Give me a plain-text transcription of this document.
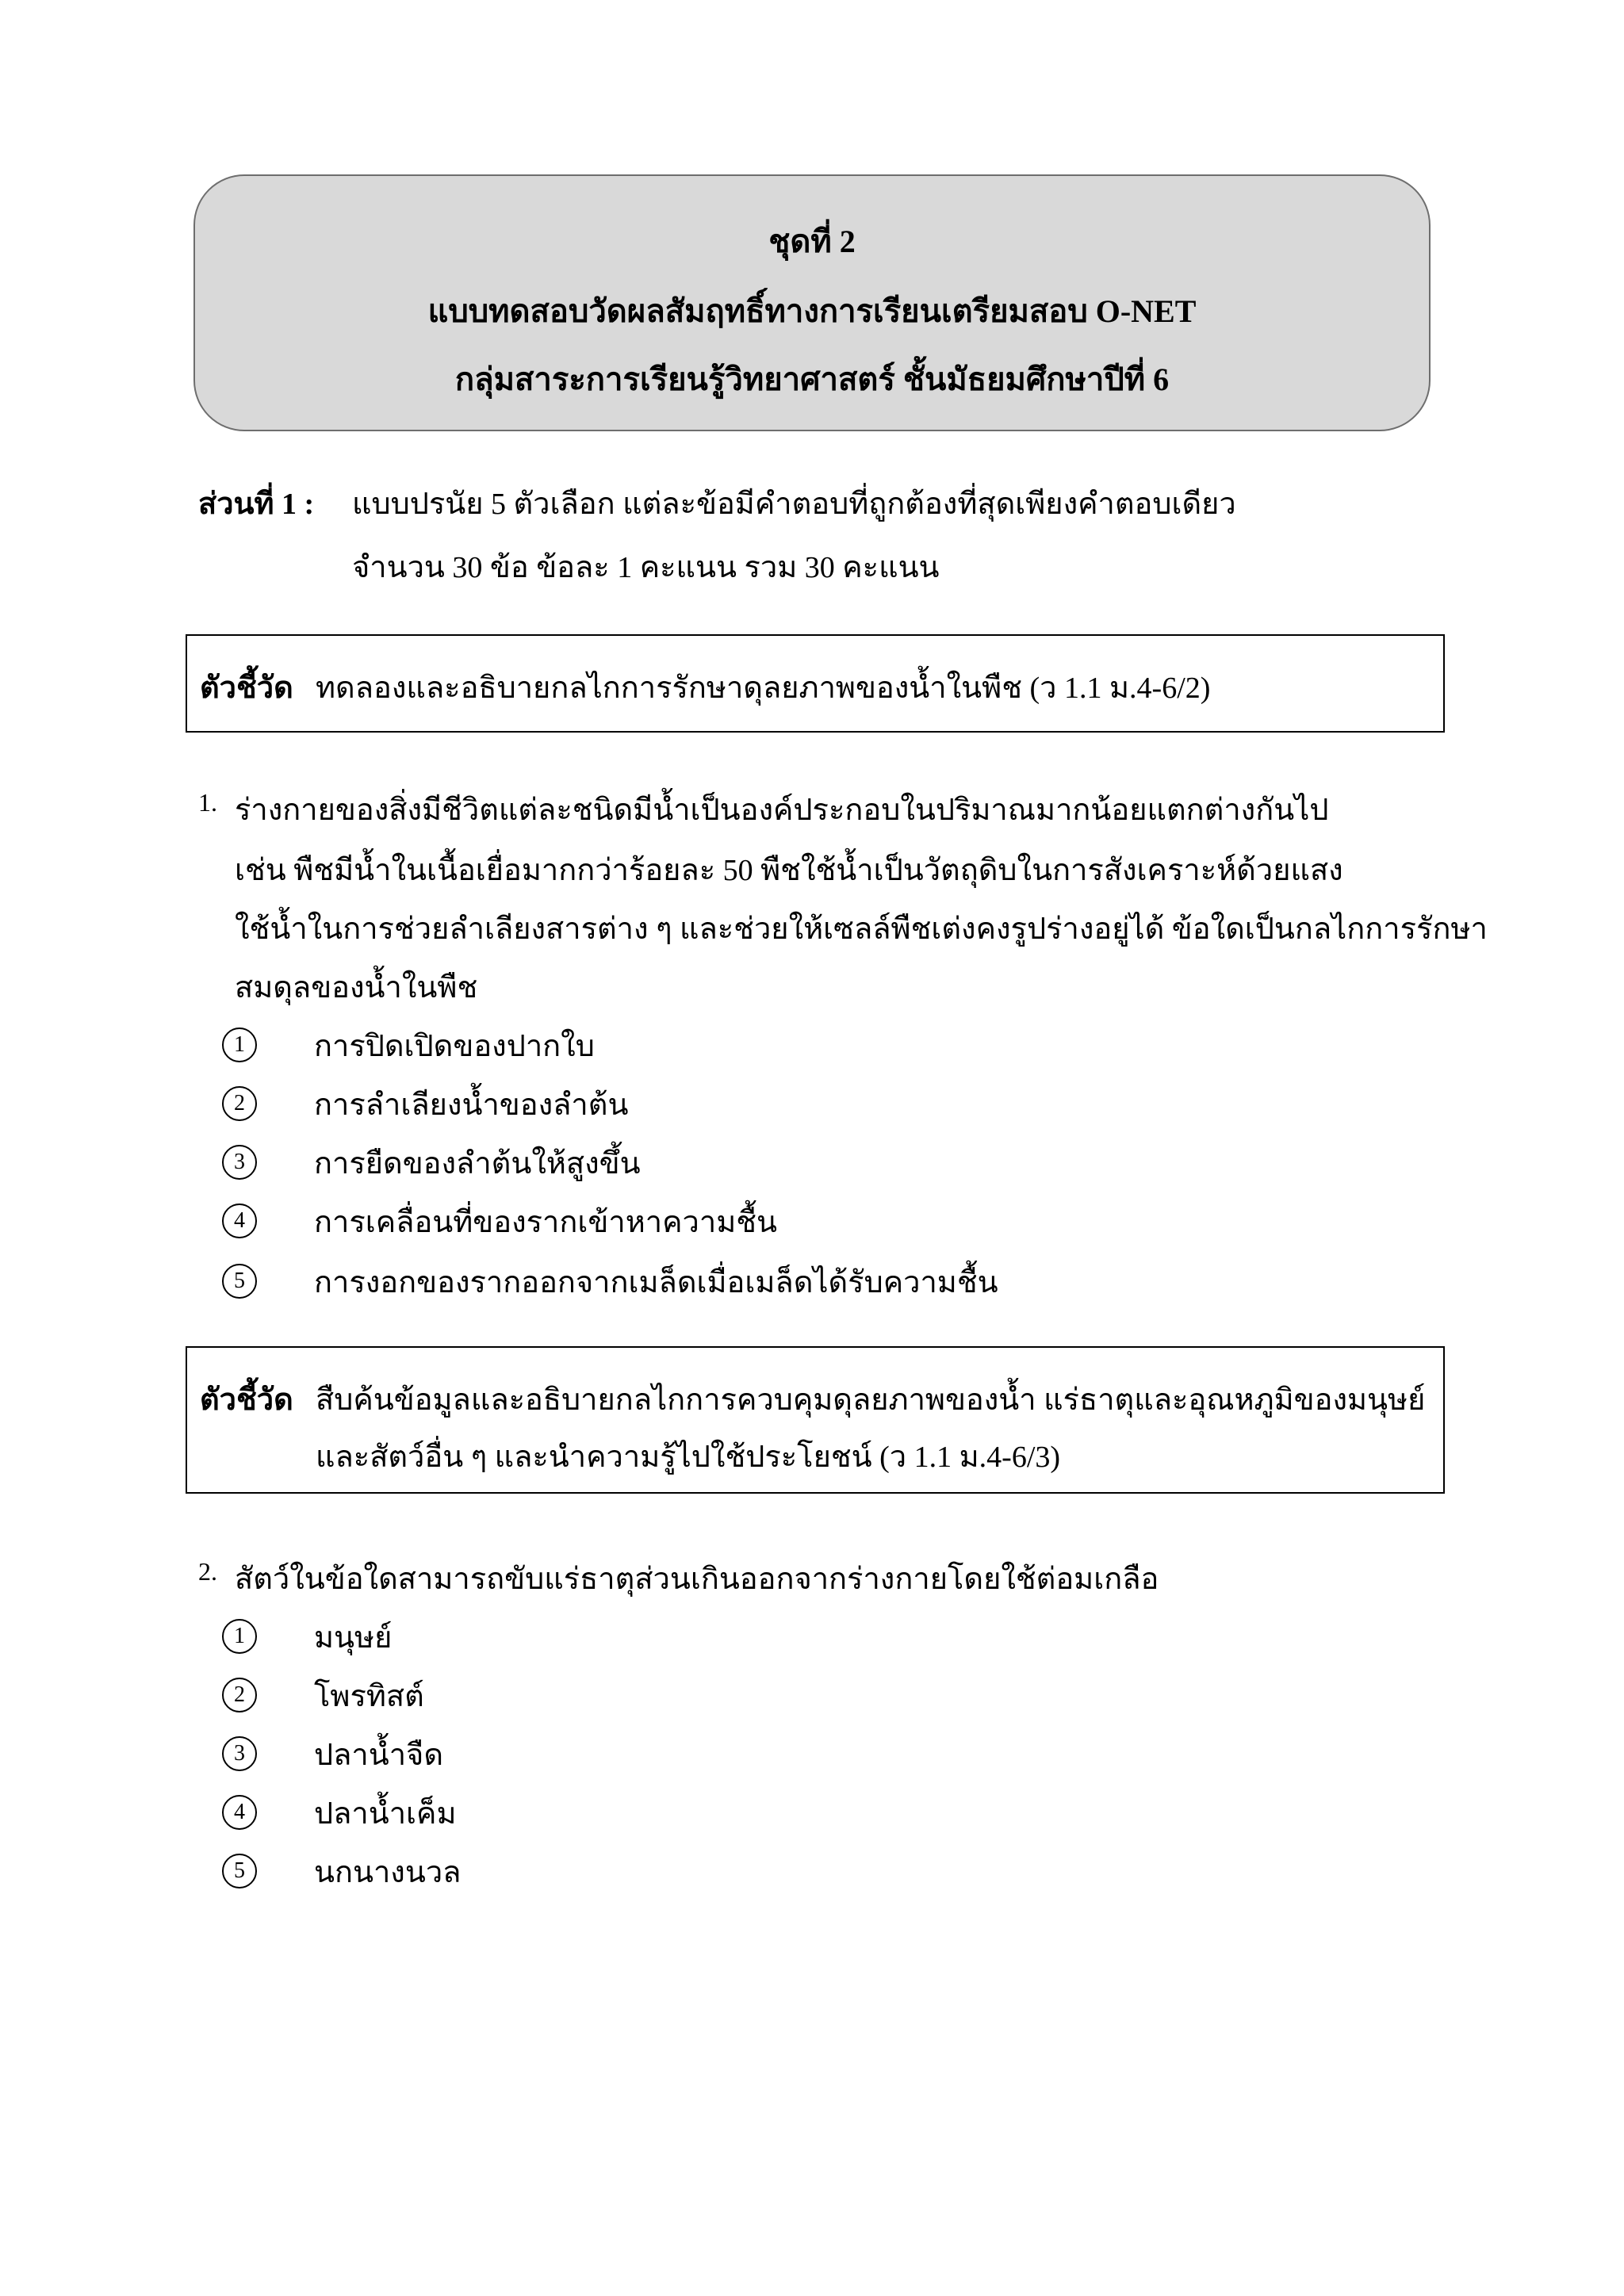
ชุดที่ 2
แบบทดสอบวัดผลสัมฤทธิ์ทางการเรียนเตรียมสอบ O-NET
กลุ่มสาระการเรียนรู้วิทยาศาสตร์ ชั้นมัธยมศึกษาปีที่ 6
ส่วนที่ 1 : แบบปรนัย 5 ตัวเลือก แต่ละข้อมีคำตอบที่ถูกต้องที่สุดเพียงคำตอบเดียว
จำนวน 30 ข้อ ข้อละ 1 คะแนน รวม 30 คะแนน
ตัวชี้วัด ทดลองและอธิบายกลไกการรักษาดุลยภาพของน้ำในพืช (ว 1.1 ม.4-6/2)
1. ร่างกายของสิ่งมีชีวิตแต่ละชนิดมีน้ำเป็นองค์ประกอบในปริมาณมากน้อยแตกต่างกันไป
เช่น พืชมีน้ำในเนื้อเยื่อมากกว่าร้อยละ 50 พืชใช้น้ำเป็นวัตถุดิบในการสังเคราะห์ด้วยแสง
ใช้น้ำในการช่วยลำเลียงสารต่าง ๆ และช่วยให้เซลล์พืชเต่งคงรูปร่างอยู่ได้ ข้อใดเป็นกลไกการรักษา
สมดุลของน้ำในพืช
1	การปิดเปิดของปากใบ
2	การลำเลียงน้ำของลำต้น
3	การยืดของลำต้นให้สูงขึ้น
4	การเคลื่อนที่ของรากเข้าหาความชื้น
5	การงอกของรากออกจากเมล็ดเมื่อเมล็ดได้รับความชื้น
ตัวชี้วัด สืบค้นข้อมูลและอธิบายกลไกการควบคุมดุลยภาพของน้ำ แร่ธาตุและอุณหภูมิของมนุษย์
และสัตว์อื่น ๆ และนำความรู้ไปใช้ประโยชน์ (ว 1.1 ม.4-6/3)
2. สัตว์ในข้อใดสามารถขับแร่ธาตุส่วนเกินออกจากร่างกายโดยใช้ต่อมเกลือ
1	มนุษย์
2	โพรทิสต์
3	ปลาน้ำจืด
4	ปลาน้ำเค็ม
5	นกนางนวล
